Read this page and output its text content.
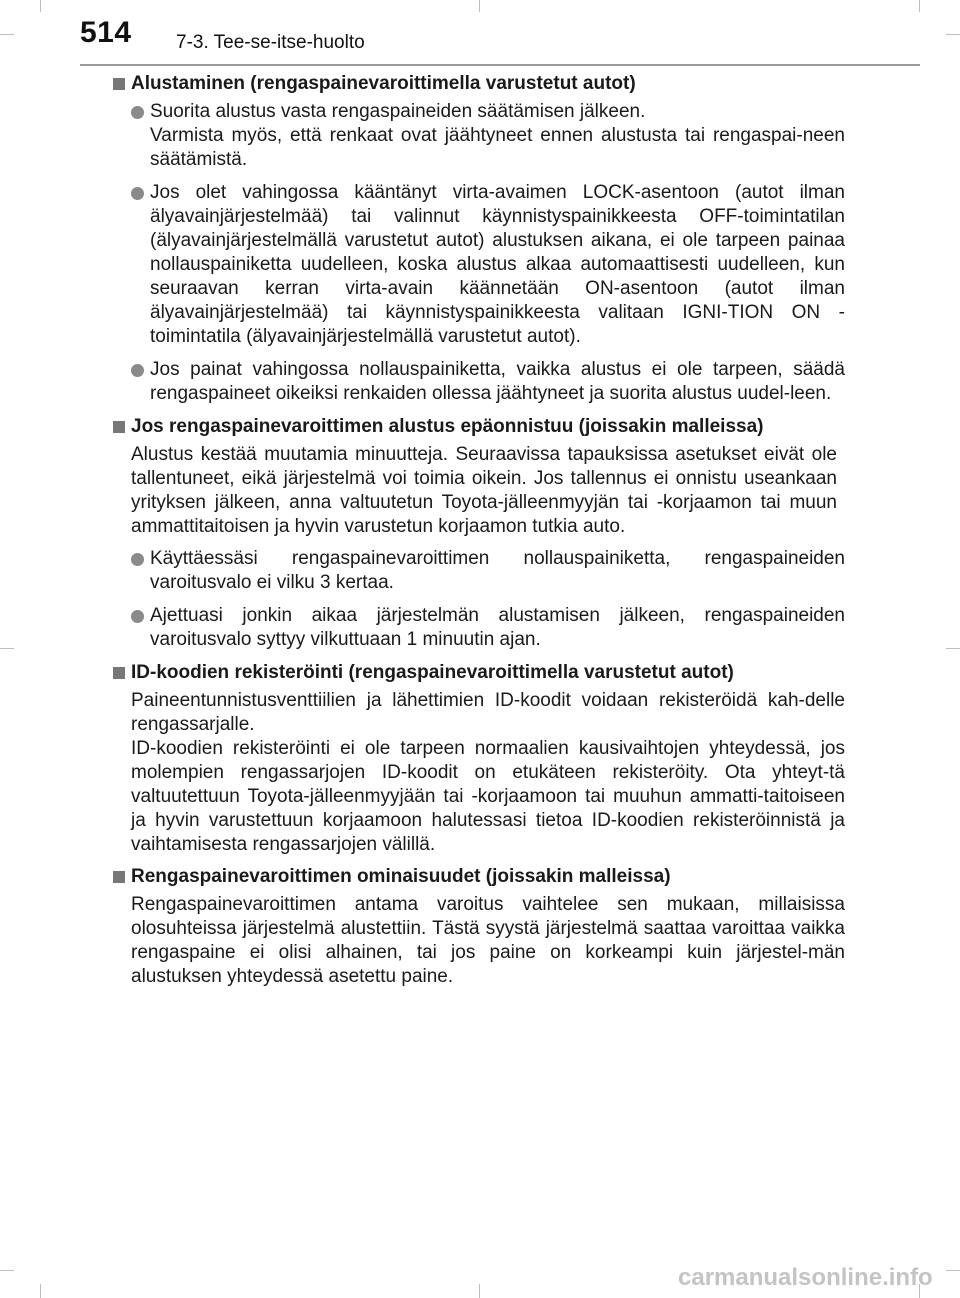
514 7-3. Tee-se-itse-huolto
Alustaminen (rengaspainevaroittimella varustetut autot)
Suorita alustus vasta rengaspaineiden säätämisen jälkeen.
Varmista myös, että renkaat ovat jäähtyneet ennen alustusta tai rengaspai-neen säätämistä.
Jos olet vahingossa kääntänyt virta-avaimen LOCK-asentoon (autot ilman älyavainjärjestelmää) tai valinnut käynnistyspainikkeesta OFF-toimintatilan (älyavainjärjestelmällä varustetut autot) alustuksen aikana, ei ole tarpeen painaa nollauspainiketta uudelleen, koska alustus alkaa automaattisesti uudelleen, kun seuraavan kerran virta-avain käännetään ON-asentoon (autot ilman älyavainjärjestelmää) tai käynnistyspainikkeesta valitaan IGNI-TION ON -toimintatila (älyavainjärjestelmällä varustetut autot).
Jos painat vahingossa nollauspainiketta, vaikka alustus ei ole tarpeen, säädä rengaspaineet oikeiksi renkaiden ollessa jäähtyneet ja suorita alustus uudel-leen.
Jos rengaspainevaroittimen alustus epäonnistuu (joissakin malleissa)
Alustus kestää muutamia minuutteja. Seuraavissa tapauksissa asetukset eivät ole tallentuneet, eikä järjestelmä voi toimia oikein. Jos tallennus ei onnistu useankaan yrityksen jälkeen, anna valtuutetun Toyota-jälleenmyyjän tai -korjaamon tai muun ammattitaitoisen ja hyvin varustetun korjaamon tutkia auto.
Käyttäessäsi rengaspainevaroittimen nollauspainiketta, rengaspaineiden varoitusvalo ei vilku 3 kertaa.
Ajettuasi jonkin aikaa järjestelmän alustamisen jälkeen, rengaspaineiden varoitusvalo syttyy vilkuttuaan 1 minuutin ajan.
ID-koodien rekisteröinti (rengaspainevaroittimella varustetut autot)
Paineentunnistusventtiilien ja lähettimien ID-koodit voidaan rekisteröidä kah-delle rengassarjalle.
ID-koodien rekisteröinti ei ole tarpeen normaalien kausivaihtojen yhteydessä, jos molempien rengassarjojen ID-koodit on etukäteen rekisteröity. Ota yhteyt-tä valtuutettuun Toyota-jälleenmyyjään tai -korjaamoon tai muuhun ammatti-taitoiseen ja hyvin varustettuun korjaamoon halutessasi tietoa ID-koodien rekisteröinnistä ja vaihtamisesta rengassarjojen välillä.
Rengaspainevaroittimen ominaisuudet (joissakin malleissa)
Rengaspainevaroittimen antama varoitus vaihtelee sen mukaan, millaisissa olosuhteissa järjestelmä alustettiin. Tästä syystä järjestelmä saattaa varoittaa vaikka rengaspaine ei olisi alhainen, tai jos paine on korkeampi kuin järjestel-män alustuksen yhteydessä asetettu paine.
carmanualsonline.info
